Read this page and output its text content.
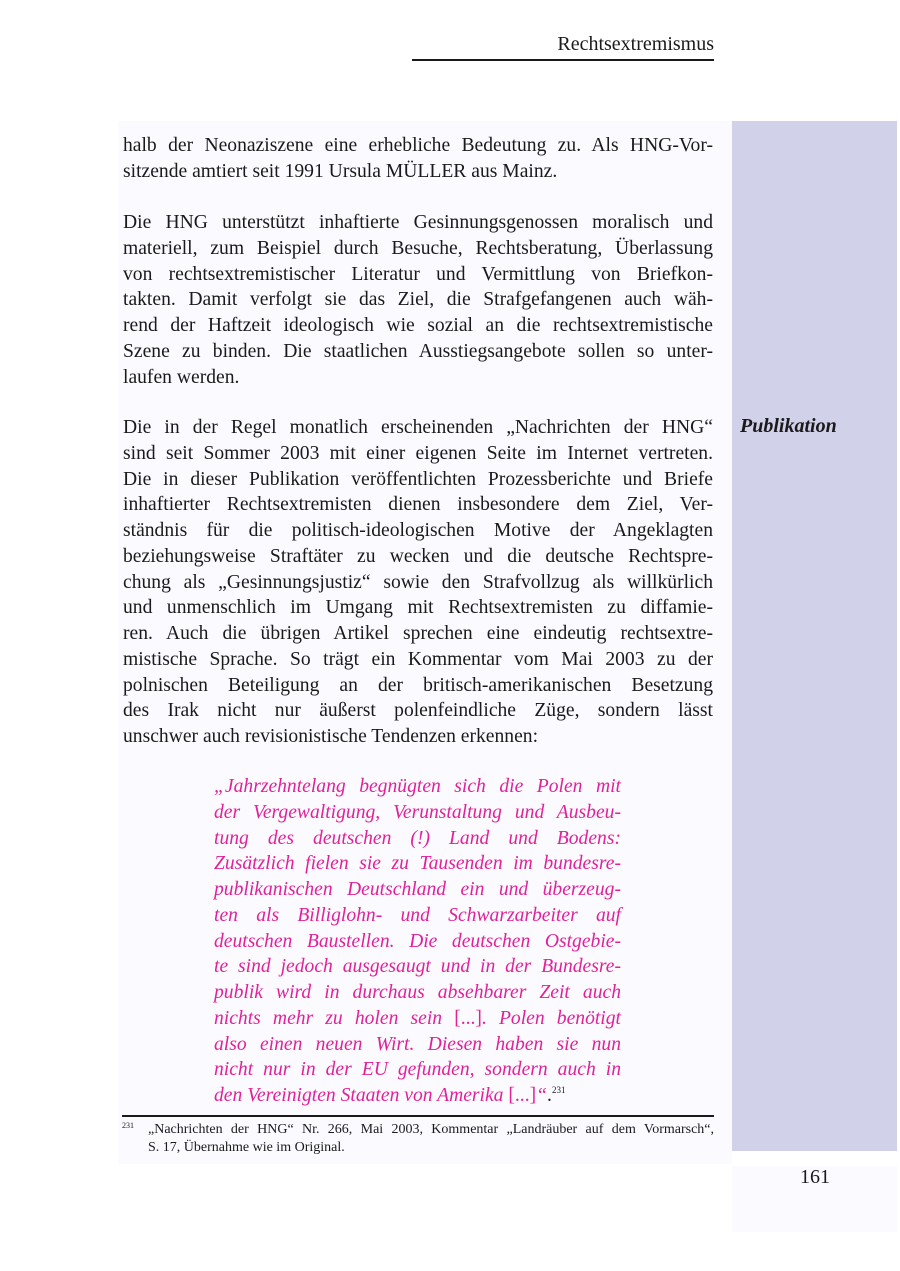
Rechtsextremismus
halb der Neonaziszene eine erhebliche Bedeutung zu. Als HNG-Vor-
sitzende amtiert seit 1991 Ursula MÜLLER aus Mainz.
Die HNG unterstützt inhaftierte Gesinnungsgenossen moralisch und
materiell, zum Beispiel durch Besuche, Rechtsberatung, Überlassung
von rechtsextremistischer Literatur und Vermittlung von Briefkon-
takten. Damit verfolgt sie das Ziel, die Strafgefangenen auch wäh-
rend der Haftzeit ideologisch wie sozial an die rechtsextremistische
Szene zu binden. Die staatlichen Ausstiegsangebote sollen so unter-
laufen werden.
Publikation
Die in der Regel monatlich erscheinenden „Nachrichten der HNG“
sind seit Sommer 2003 mit einer eigenen Seite im Internet vertreten.
Die in dieser Publikation veröffentlichten Prozessberichte und Briefe
inhaftierter Rechtsextremisten dienen insbesondere dem Ziel, Ver-
ständnis für die politisch-ideologischen Motive der Angeklagten
beziehungsweise Straftäter zu wecken und die deutsche Rechtspre-
chung als „Gesinnungsjustiz“ sowie den Strafvollzug als willkürlich
und unmenschlich im Umgang mit Rechtsextremisten zu diffamie-
ren. Auch die übrigen Artikel sprechen eine eindeutig rechtsextre-
mistische Sprache. So trägt ein Kommentar vom Mai 2003 zu der
polnischen Beteiligung an der britisch-amerikanischen Besetzung
des Irak nicht nur äußerst polenfeindliche Züge, sondern lässt
unschwer auch revisionistische Tendenzen erkennen:
„Jahrzehntelang begnügten sich die Polen mit
der Vergewaltigung, Verunstaltung und Ausbeu-
tung des deutschen (!) Land und Bodens:
Zusätzlich fielen sie zu Tausenden im bundesre-
publikanischen Deutschland ein und überzeug-
ten als Billiglohn- und Schwarzarbeiter auf
deutschen Baustellen. Die deutschen Ostgebie-
te sind jedoch ausgesaugt und in der Bundesre-
publik wird in durchaus absehbarer Zeit auch
nichts mehr zu holen sein [...]. Polen benötigt
also einen neuen Wirt. Diesen haben sie nun
nicht nur in der EU gefunden, sondern auch in
den Vereinigten Staaten von Amerika [...]“.$^{231}$
231 „Nachrichten der HNG“ Nr. 266, Mai 2003, Kommentar „Landräuber auf dem Vormarsch“,
S. 17, Übernahme wie im Original.
161
